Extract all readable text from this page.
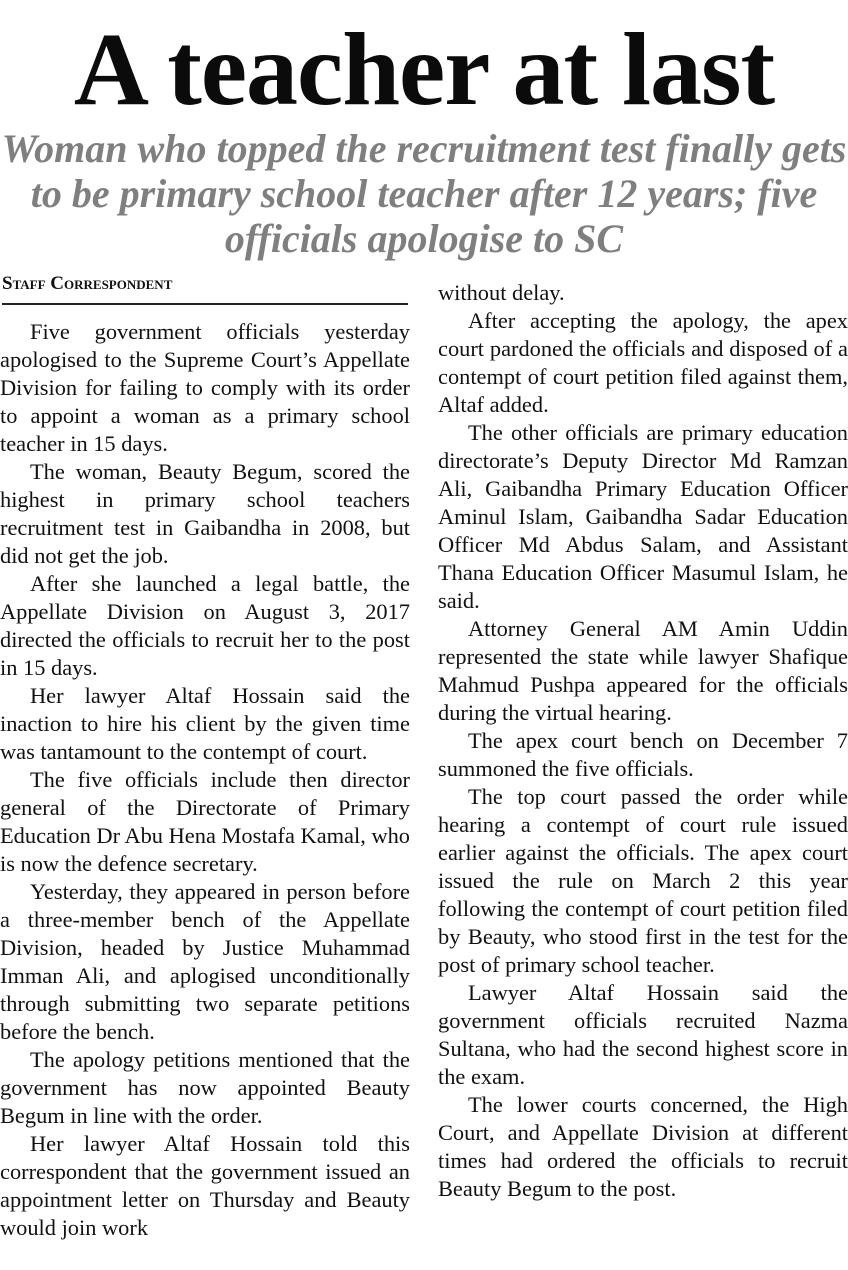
A teacher at last
Woman who topped the recruitment test finally gets to be primary school teacher after 12 years; five officials apologise to SC
Staff Correspondent

Five government officials yesterday apologised to the Supreme Court’s Appellate Division for failing to comply with its order to appoint a woman as a primary school teacher in 15 days.

The woman, Beauty Begum, scored the highest in primary school teachers recruitment test in Gaibandha in 2008, but did not get the job.

After she launched a legal battle, the Appellate Division on August 3, 2017 directed the officials to recruit her to the post in 15 days.

Her lawyer Altaf Hossain said the inaction to hire his client by the given time was tantamount to the contempt of court.

The five officials include then director general of the Directorate of Primary Education Dr Abu Hena Mostafa Kamal, who is now the defence secretary.

Yesterday, they appeared in person before a three-member bench of the Appellate Division, headed by Justice Muhammad Imman Ali, and aplogised unconditionally through submitting two separate petitions before the bench.

The apology petitions mentioned that the government has now appointed Beauty Begum in line with the order.

Her lawyer Altaf Hossain told this correspondent that the government issued an appointment letter on Thursday and Beauty would join work

without delay.

After accepting the apology, the apex court pardoned the officials and disposed of a contempt of court petition filed against them, Altaf added.

The other officials are primary education directorate’s Deputy Director Md Ramzan Ali, Gaibandha Primary Education Officer Aminul Islam, Gaibandha Sadar Education Officer Md Abdus Salam, and Assistant Thana Education Officer Masumul Islam, he said.

Attorney General AM Amin Uddin represented the state while lawyer Shafique Mahmud Pushpa appeared for the officials during the virtual hearing.

The apex court bench on December 7 summoned the five officials.

The top court passed the order while hearing a contempt of court rule issued earlier against the officials. The apex court issued the rule on March 2 this year following the contempt of court petition filed by Beauty, who stood first in the test for the post of primary school teacher.

Lawyer Altaf Hossain said the government officials recruited Nazma Sultana, who had the second highest score in the exam.

The lower courts concerned, the High Court, and Appellate Division at different times had ordered the officials to recruit Beauty Begum to the post.
